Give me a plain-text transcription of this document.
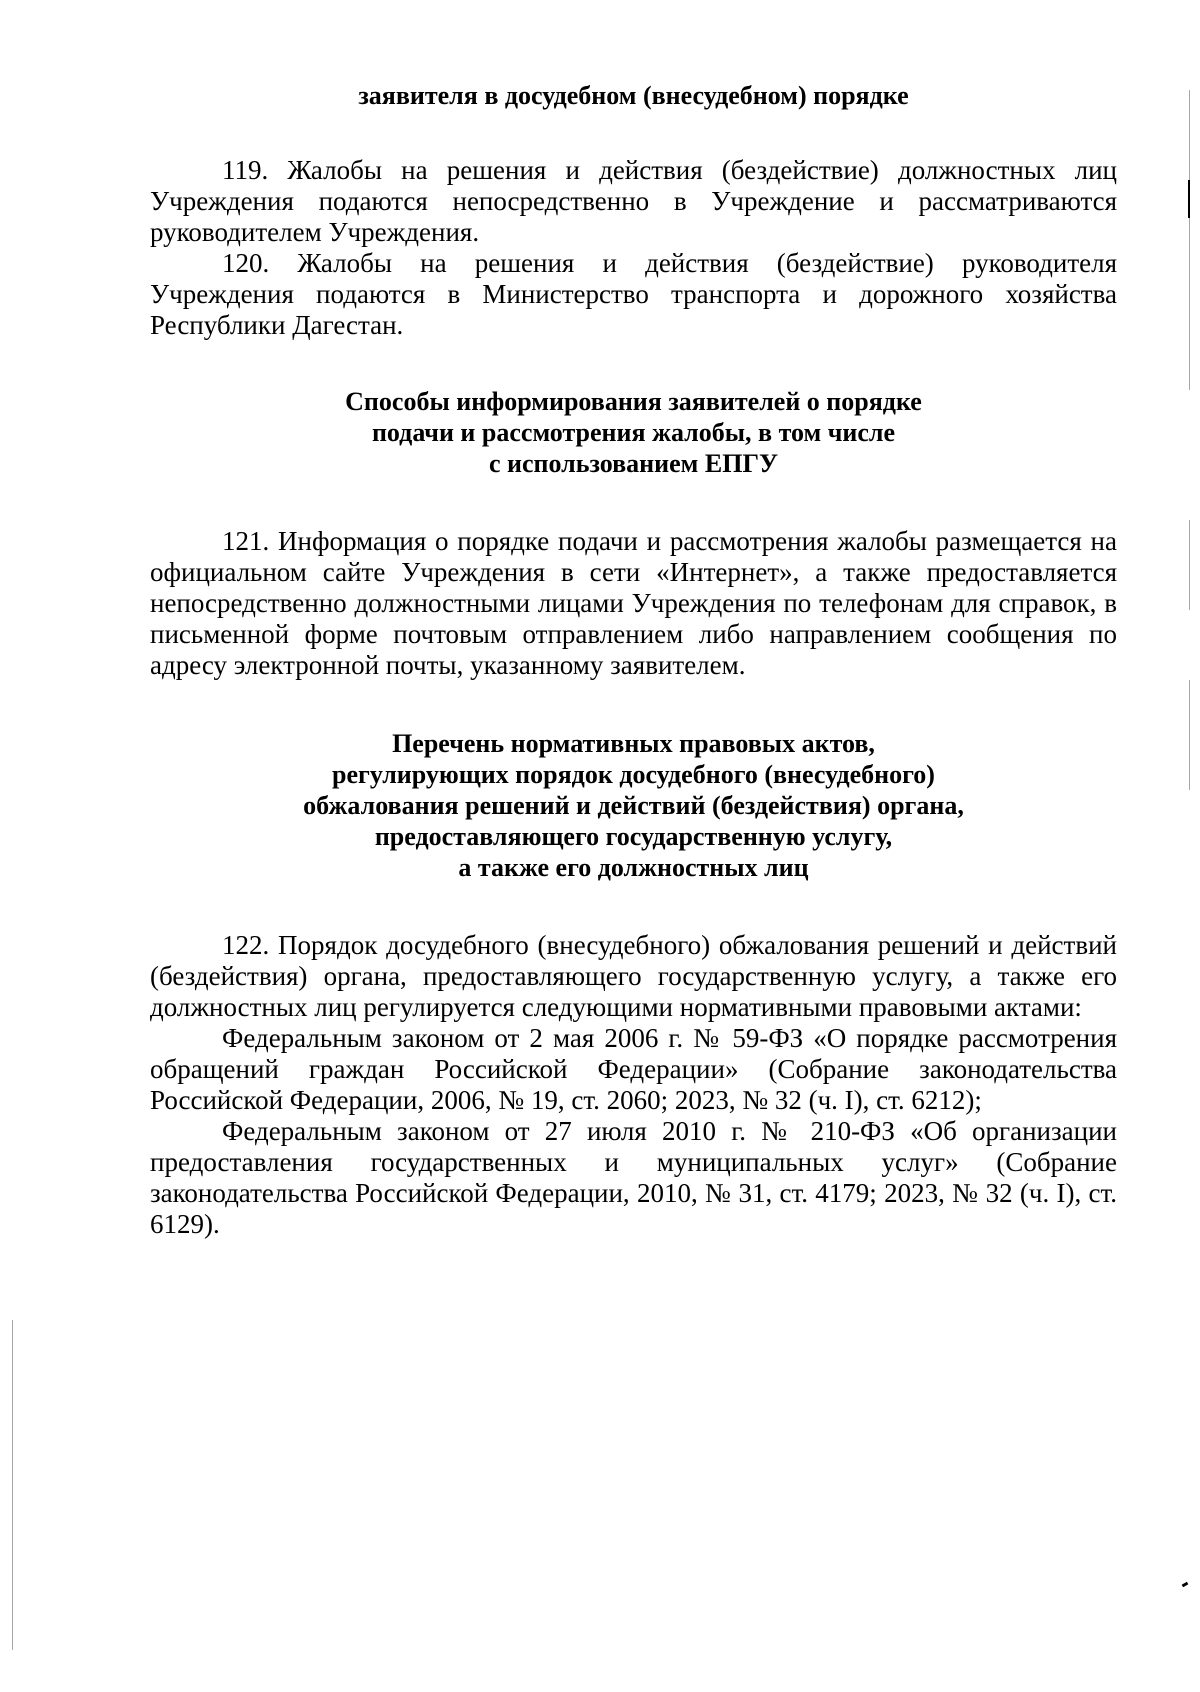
заявителя в досудебном (внесудебном) порядке

119. Жалобы на решения и действия (бездействие) должностных лиц Учреждения подаются непосредственно в Учреждение и рассматриваются руководителем Учреждения.

120. Жалобы на решения и действия (бездействие) руководителя Учреждения подаются в Министерство транспорта и дорожного хозяйства Республики Дагестан.

Способы информирования заявителей о порядке
подачи и рассмотрения жалобы, в том числе
с использованием ЕПГУ

121. Информация о порядке подачи и рассмотрения жалобы размещается на официальном сайте Учреждения в сети «Интернет», а также предоставляется непосредственно должностными лицами Учреждения по телефонам для справок, в письменной форме почтовым отправлением либо направлением сообщения по адресу электронной почты, указанному заявителем.

Перечень нормативных правовых актов,
регулирующих порядок досудебного (внесудебного)
обжалования решений и действий (бездействия) органа,
предоставляющего государственную услугу,
а также его должностных лиц

122. Порядок досудебного (внесудебного) обжалования решений и действий (бездействия) органа, предоставляющего государственную услугу, а также его должностных лиц регулируется следующими нормативными правовыми актами:

Федеральным законом от 2 мая 2006 г. № 59-ФЗ «О порядке рассмотрения обращений граждан Российской Федерации» (Собрание законодательства Российской Федерации, 2006, № 19, ст. 2060; 2023, № 32 (ч. I), ст. 6212);

Федеральным законом от 27 июля 2010 г. № 210-ФЗ «Об организации предоставления государственных и муниципальных услуг» (Собрание законодательства Российской Федерации, 2010, № 31, ст. 4179; 2023, № 32 (ч. I), ст. 6129).
